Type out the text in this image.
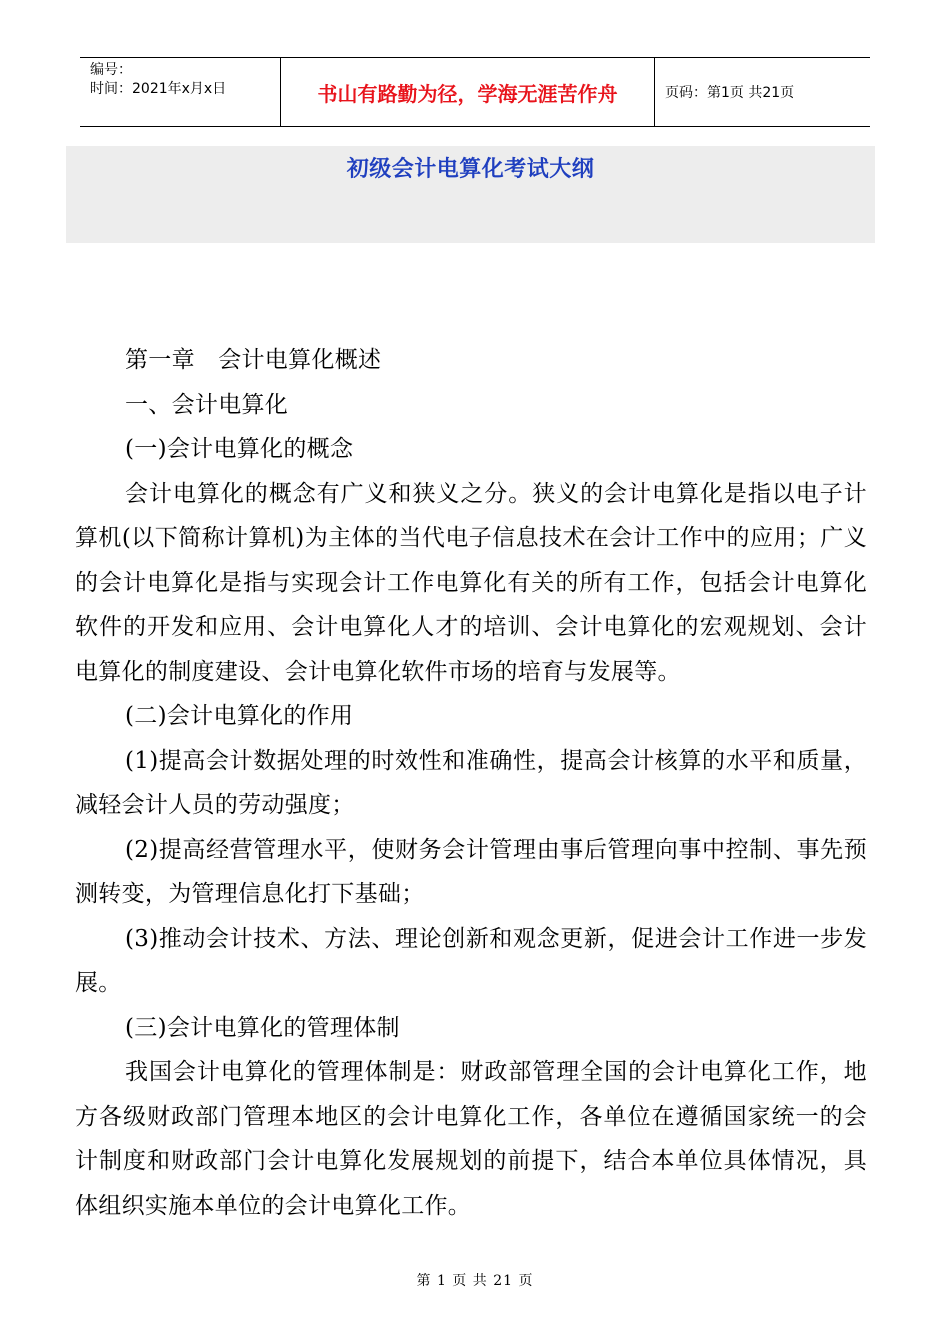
编号：
时间：2021年x月x日	书山有路勤为径，学海无涯苦作舟	页码：第1页 共21页
初级会计电算化考试大纲

第一章　会计电算化概述

一、会计电算化

(一)会计电算化的概念

会计电算化的概念有广义和狭义之分。狭义的会计电算化是指以电子计算机(以下简称计算机)为主体的当代电子信息技术在会计工作中的应用；广义的会计电算化是指与实现会计工作电算化有关的所有工作，包括会计电算化软件的开发和应用、会计电算化人才的培训、会计电算化的宏观规划、会计电算化的制度建设、会计电算化软件市场的培育与发展等。

(二)会计电算化的作用

(1)提高会计数据处理的时效性和准确性，提高会计核算的水平和质量，减轻会计人员的劳动强度；

(2)提高经营管理水平，使财务会计管理由事后管理向事中控制、事先预测转变，为管理信息化打下基础；

(3)推动会计技术、方法、理论创新和观念更新，促进会计工作进一步发展。

(三)会计电算化的管理体制

我国会计电算化的管理体制是：财政部管理全国的会计电算化工作，地方各级财政部门管理本地区的会计电算化工作，各单位在遵循国家统一的会计制度和财政部门会计电算化发展规划的前提下，结合本单位具体情况，具体组织实施本单位的会计电算化工作。

第 1 页 共 21 页
